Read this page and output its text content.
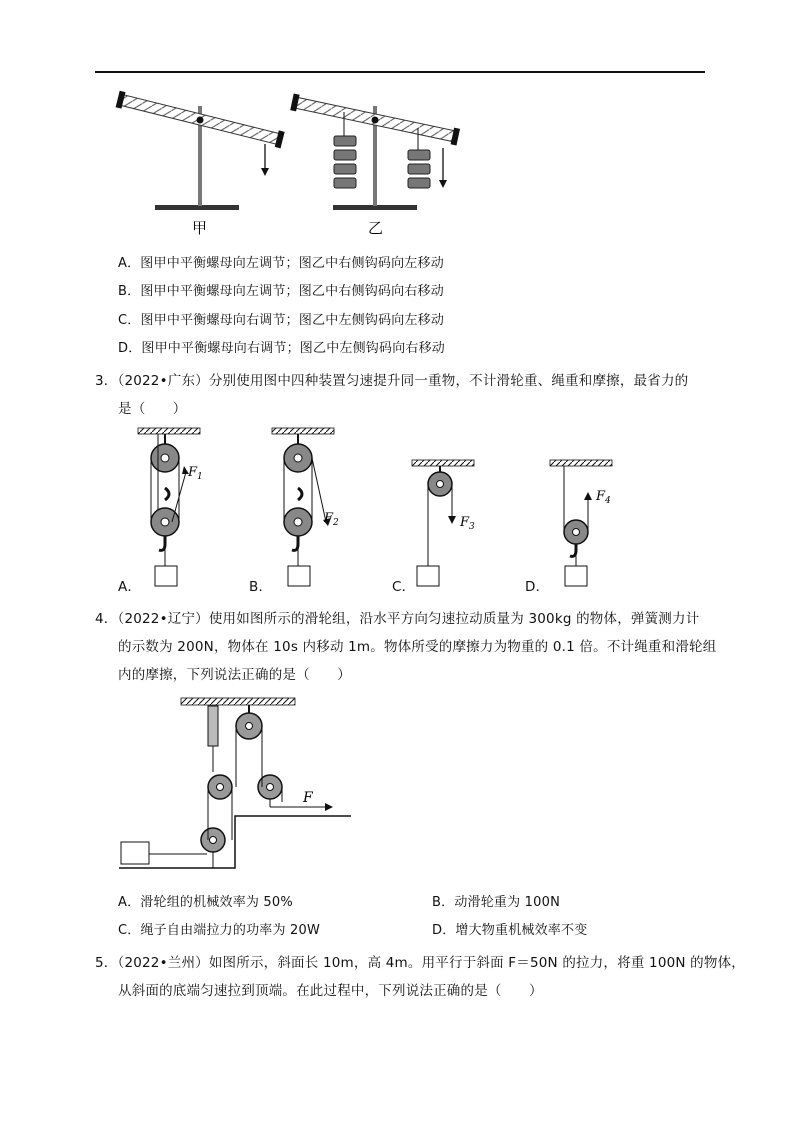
甲	乙
A．图甲中平衡螺母向左调节；图乙中右侧钩码向左移动
B．图甲中平衡螺母向左调节；图乙中右侧钩码向右移动
C．图甲中平衡螺母向右调节；图乙中左侧钩码向左移动
D．图甲中平衡螺母向右调节；图乙中左侧钩码向右移动
3．（2022•广东）分别使用图中四种装置匀速提升同一重物，不计滑轮重、绳重和摩擦，最省力的
是（　　）
$F_1$
$F_2$	$F_3$
$F_4$
A．	B．	C．	D．
4．（2022•辽宁）使用如图所示的滑轮组，沿水平方向匀速拉动质量为 300kg 的物体，弹簧测力计
的示数为 200N，物体在 10s 内移动 1m。物体所受的摩擦力为物重的 0.1 倍。不计绳重和滑轮组
内的摩擦，下列说法正确的是（　　）
F
A．滑轮组的机械效率为 50%	B．动滑轮重为 100N
C．绳子自由端拉力的功率为 20W	D．增大物重机械效率不变
5．（2022•兰州）如图所示，斜面长 10m，高 4m。用平行于斜面 F＝50N 的拉力，将重 100N 的物体，
从斜面的底端匀速拉到顶端。在此过程中，下列说法正确的是（　　）
